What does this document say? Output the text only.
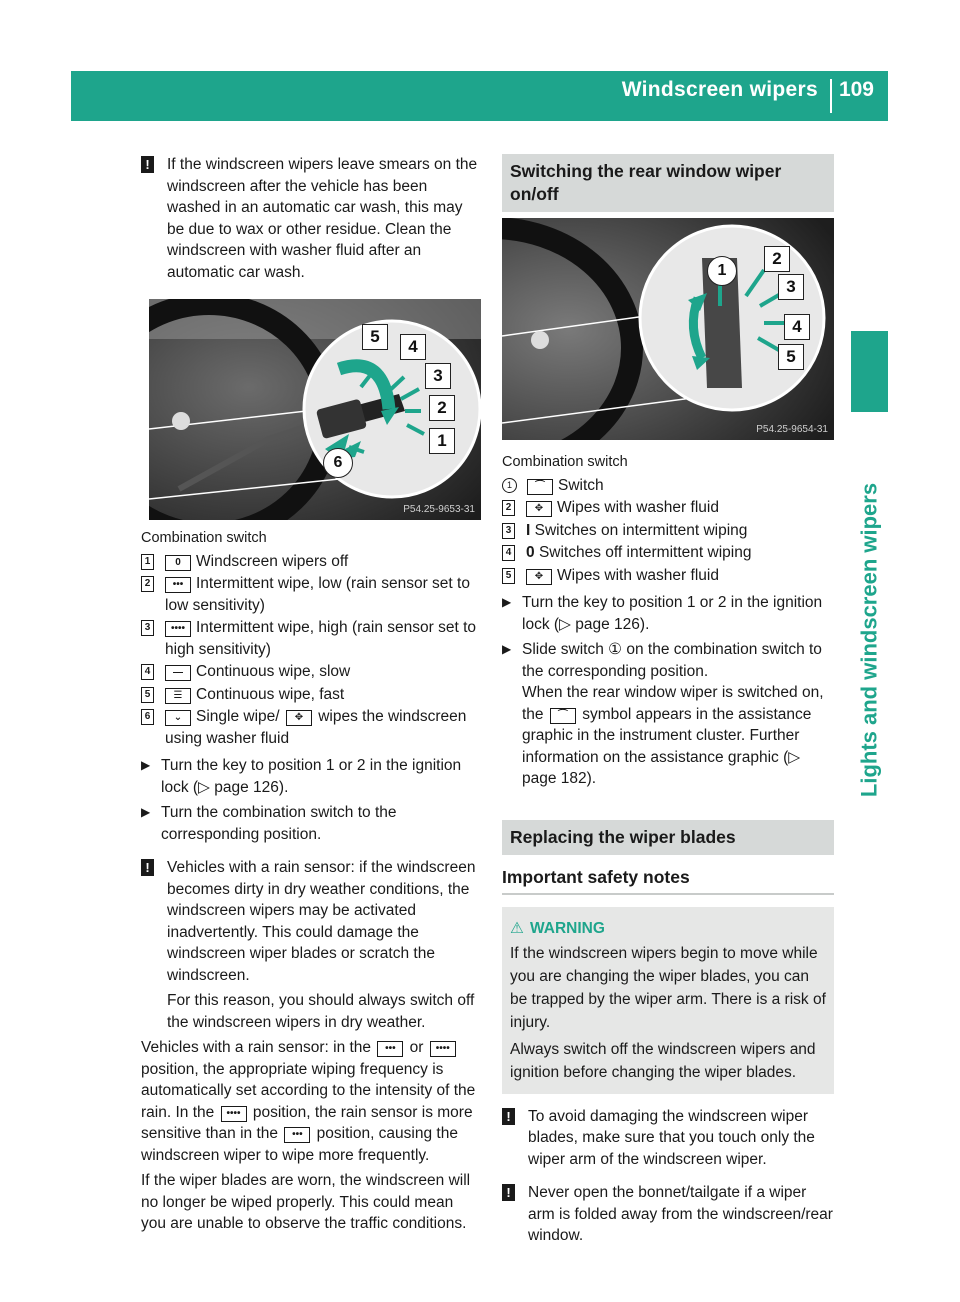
Windscreen wipers 109
Lights and windscreen wipers

! If the windscreen wipers leave smears on the windscreen after the vehicle has been washed in an automatic car wash, this may be due to wax or other residue. Clean the windscreen with washer fluid after an automatic car wash.

5
4
3
2
1
6
P54.25-9653-31

Combination switch

1	0 Windscreen wipers off
2	••• Intermittent wipe, low (rain sensor set to low sensitivity)
3	•••• Intermittent wipe, high (rain sensor set to high sensitivity)
4	— Continuous wipe, slow
5	☰ Continuous wipe, fast
6	⌄ Single wipe/ ✥ wipes the windscreen using washer fluid

▶ Turn the key to position 1 or 2 in the ignition lock (▷ page 126).

▶ Turn the combination switch to the corresponding position.

! Vehicles with a rain sensor: if the windscreen becomes dirty in dry weather conditions, the windscreen wipers may be activated inadvertently. This could damage the windscreen wiper blades or scratch the windscreen.

For this reason, you should always switch off the windscreen wipers in dry weather.

Vehicles with a rain sensor: in the ••• or •••• position, the appropriate wiping frequency is automatically set according to the intensity of the rain. In the •••• position, the rain sensor is more sensitive than in the ••• position, causing the windscreen wiper to wipe more frequently.

If the wiper blades are worn, the windscreen will no longer be wiped properly. This could mean you are unable to observe the traffic conditions.

Switching the rear window wiper on/off
1
2
3
4
5
P54.25-9654-31

Combination switch

1	⌒ Switch
2	✥ Wipes with washer fluid
3 I Switches on intermittent wiping
4 0 Switches off intermittent wiping
5	✥ Wipes with washer fluid

▶ Turn the key to position 1 or 2 in the ignition lock (▷ page 126).

▶ Slide switch ① on the combination switch to the corresponding position.
When the rear window wiper is switched on, the ⌒ symbol appears in the assistance graphic in the instrument cluster. Further information on the assistance graphic (▷ page 182).

Replacing the wiper blades
Important safety notes
⚠ WARNING

If the windscreen wipers begin to move while you are changing the wiper blades, you can be trapped by the wiper arm. There is a risk of injury.

Always switch off the windscreen wipers and ignition before changing the wiper blades.

! To avoid damaging the windscreen wiper blades, make sure that you touch only the wiper arm of the windscreen wiper.

! Never open the bonnet/tailgate if a wiper arm is folded away from the windscreen/rear window.
